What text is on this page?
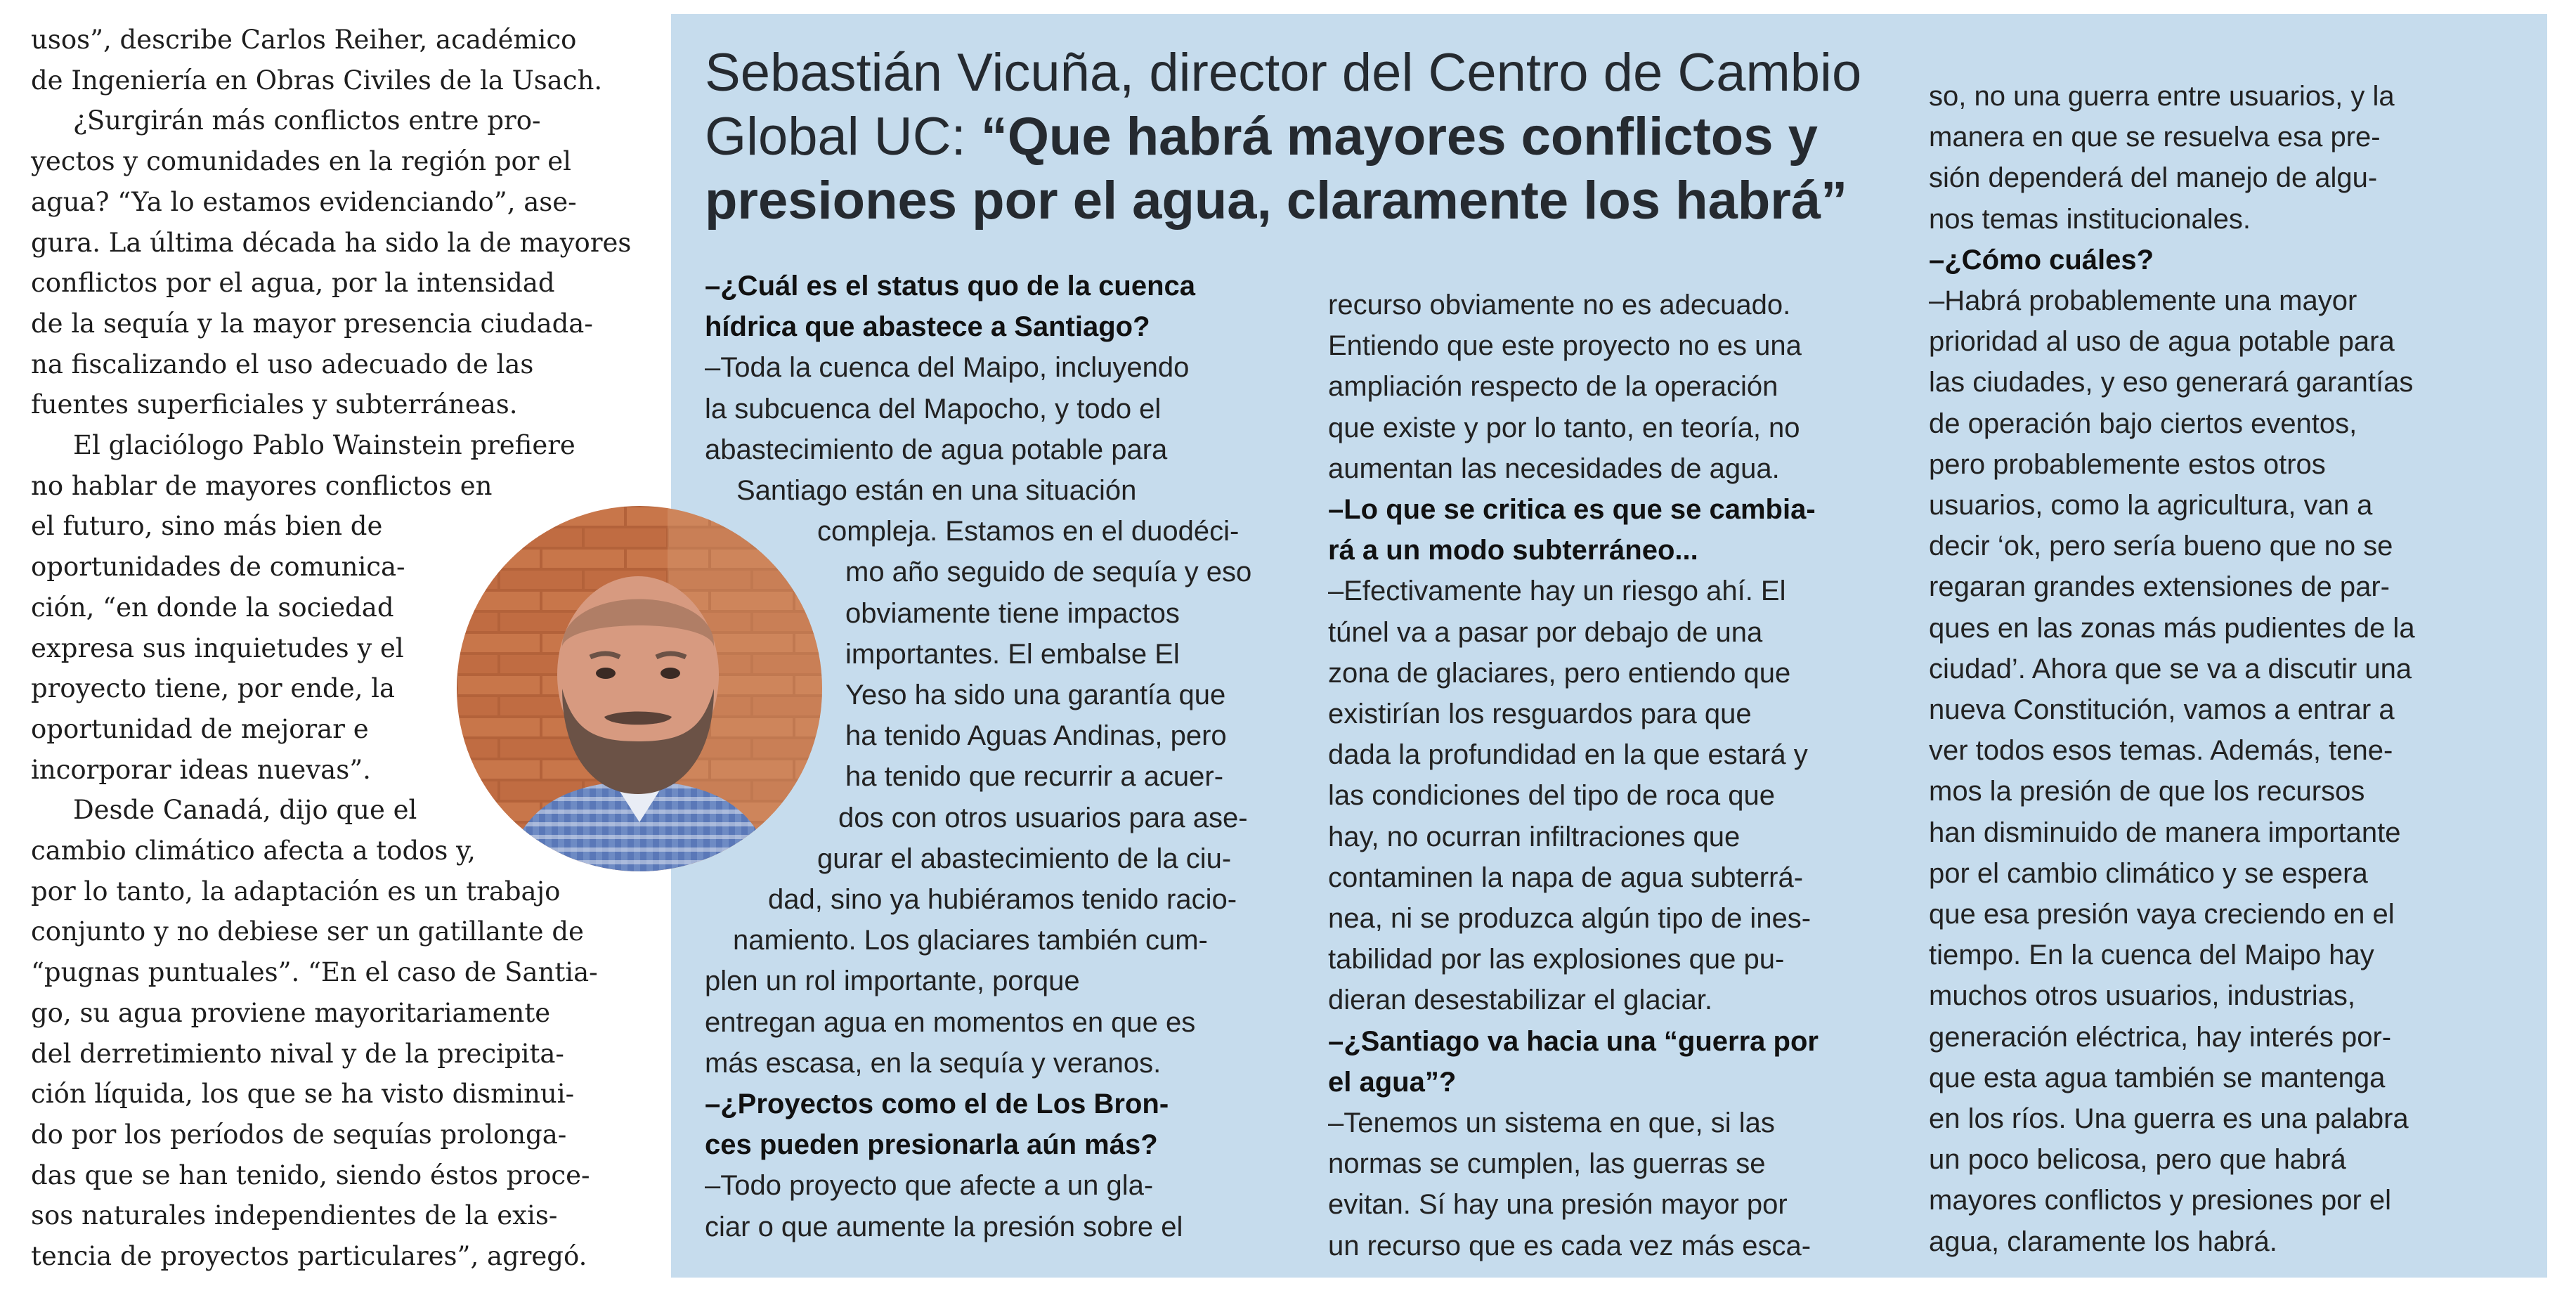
usos”, describe Carlos Reiher, académico
de Ingeniería en Obras Civiles de la Usach.
¿Surgirán más conflictos entre pro-
yectos y comunidades en la región por el
agua? “Ya lo estamos evidenciando”, ase-
gura. La última década ha sido la de mayores
conflictos por el agua, por la intensidad
de la sequía y la mayor presencia ciudada-
na fiscalizando el uso adecuado de las
fuentes superficiales y subterráneas.
El glaciólogo Pablo Wainstein prefiere
no hablar de mayores conflictos en
el futuro, sino más bien de
oportunidades de comunica-
ción, “en donde la sociedad
expresa sus inquietudes y el
proyecto tiene, por ende, la
oportunidad de mejorar e
incorporar ideas nuevas”.
Desde Canadá, dijo que el
cambio climático afecta a todos y,
por lo tanto, la adaptación es un trabajo
conjunto y no debiese ser un gatillante de
“pugnas puntuales”. “En el caso de Santia-
go, su agua proviene mayoritariamente
del derretimiento nival y de la precipita-
ción líquida, los que se ha visto disminui-
do por los períodos de sequías prolonga-
das que se han tenido, siendo éstos proce-
sos naturales independientes de la exis-
tencia de proyectos particulares”, agregó.
Sebastián Vicuña, director del Centro de Cambio Global UC: “Que habrá mayores conflictos y presiones por el agua, claramente los habrá”
–¿Cuál es el status quo de la cuenca
hídrica que abastece a Santiago?
–Toda la cuenca del Maipo, incluyendo
la subcuenca del Mapocho, y todo el
abastecimiento de agua potable para
Santiago están en una situación
compleja. Estamos en el duodéci-
mo año seguido de sequía y eso
obviamente tiene impactos
importantes. El embalse El
Yeso ha sido una garantía que
ha tenido Aguas Andinas, pero
ha tenido que recurrir a acuer-
dos con otros usuarios para ase-
gurar el abastecimiento de la ciu-
dad, sino ya hubiéramos tenido racio-
namiento. Los glaciares también cum-
plen un rol importante, porque
entregan agua en momentos en que es
más escasa, en la sequía y veranos.
–¿Proyectos como el de Los Bron-
ces pueden presionarla aún más?
–Todo proyecto que afecte a un gla-
ciar o que aumente la presión sobre el
recurso obviamente no es adecuado.
Entiendo que este proyecto no es una
ampliación respecto de la operación
que existe y por lo tanto, en teoría, no
aumentan las necesidades de agua.
–Lo que se critica es que se cambia-
rá a un modo subterráneo...
–Efectivamente hay un riesgo ahí. El
túnel va a pasar por debajo de una
zona de glaciares, pero entiendo que
existirían los resguardos para que
dada la profundidad en la que estará y
las condiciones del tipo de roca que
hay, no ocurran infiltraciones que
contaminen la napa de agua subterrá-
nea, ni se produzca algún tipo de ines-
tabilidad por las explosiones que pu-
dieran desestabilizar el glaciar.
–¿Santiago va hacia una “guerra por
el agua”?
–Tenemos un sistema en que, si las
normas se cumplen, las guerras se
evitan. Sí hay una presión mayor por
un recurso que es cada vez más esca-
so, no una guerra entre usuarios, y la
manera en que se resuelva esa pre-
sión dependerá del manejo de algu-
nos temas institucionales.
–¿Cómo cuáles?
–Habrá probablemente una mayor
prioridad al uso de agua potable para
las ciudades, y eso generará garantías
de operación bajo ciertos eventos,
pero probablemente estos otros
usuarios, como la agricultura, van a
decir ‘ok, pero sería bueno que no se
regaran grandes extensiones de par-
ques en las zonas más pudientes de la
ciudad’. Ahora que se va a discutir una
nueva Constitución, vamos a entrar a
ver todos esos temas. Además, tene-
mos la presión de que los recursos
han disminuido de manera importante
por el cambio climático y se espera
que esa presión vaya creciendo en el
tiempo. En la cuenca del Maipo hay
muchos otros usuarios, industrias,
generación eléctrica, hay interés por-
que esta agua también se mantenga
en los ríos. Una guerra es una palabra
un poco belicosa, pero que habrá
mayores conflictos y presiones por el
agua, claramente los habrá.
